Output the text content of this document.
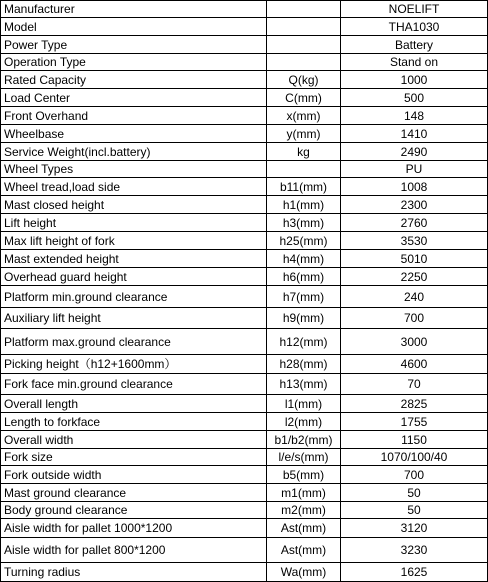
Manufacturer		NOELIFT
Model		THA1030
Power Type		Battery
Operation Type		Stand on
Rated Capacity	Q(kg)	1000
Load Center	C(mm)	500
Front Overhand	x(mm)	148
Wheelbase	y(mm)	1410
Service Weight(incl.battery)	kg	2490
Wheel Types		PU
Wheel tread,load side	b11(mm)	1008
Mast closed height	h1(mm)	2300
Lift height	h3(mm)	2760
Max lift height of fork	h25(mm)	3530
Mast extended height	h4(mm)	5010
Overhead guard height	h6(mm)	2250
Platform min.ground clearance	h7(mm)	240
Auxiliary lift height	h9(mm)	700
Platform max.ground clearance	h12(mm)	3000
Picking height（h12+1600mm）	h28(mm)	4600
Fork face min.ground clearance	h13(mm)	70
Overall length	l1(mm)	2825
Length to forkface	l2(mm)	1755
Overall width	b1/b2(mm)	1150
Fork size	l/e/s(mm)	1070/100/40
Fork outside width	b5(mm)	700
Mast ground clearance	m1(mm)	50
Body ground clearance	m2(mm)	50
Aisle width for pallet 1000*1200	Ast(mm)	3120
Aisle width for pallet 800*1200	Ast(mm)	3230
Turning radius	Wa(mm)	1625
